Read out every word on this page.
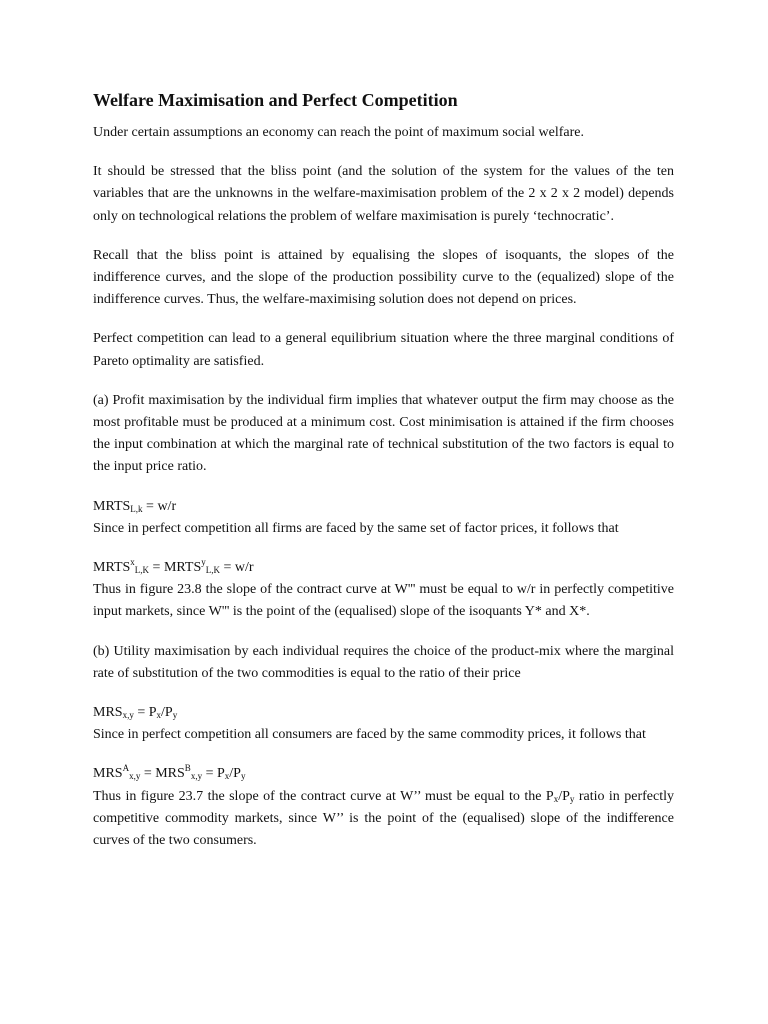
Welfare Maximisation and Perfect Competition

Under certain assumptions an economy can reach the point of maximum social welfare.

It should be stressed that the bliss point (and the solution of the system for the values of the ten variables that are the unknowns in the welfare-maximisation problem of the 2 x 2 x 2 model) depends only on technological relations the problem of welfare maximisation is purely ‘technocratic’.

Recall that the bliss point is attained by equalising the slopes of isoquants, the slopes of the indifference curves, and the slope of the production possibility curve to the (equalized) slope of the indifference curves. Thus, the welfare-maximising solution does not depend on prices.

Perfect competition can lead to a general equilibrium situation where the three marginal conditions of Pareto optimality are satisfied.

(a) Profit maximisation by the individual firm implies that whatever output the firm may choose as the most profitable must be produced at a minimum cost. Cost minimisation is attained if the firm chooses the input combination at which the marginal rate of technical substitution of the two factors is equal to the input price ratio.

$MRTS_{L,k} = w/r$

Since in perfect competition all firms are faced by the same set of factor prices, it follows that

$MRTS^x_{L,K}$ = $MRTS^y_{L,K} = w/r$

Thus in figure 23.8 the slope of the contract curve at W''' must be equal to w/r in perfectly competitive input markets, since W''' is the point of the (equalised) slope of the isoquants Y* and X*.

(b) Utility maximisation by each individual requires the choice of the product-mix where the marginal rate of substitution of the two commodities is equal to the ratio of their price

$MRS_{x,y} = P_x/P_y$

Since in perfect competition all consumers are faced by the same commodity prices, it follows that

$MRS^A_{x,y} = MRS^B_{x,y} = P_x/P_y$

Thus in figure 23.7 the slope of the contract curve at W’’ must be equal to the $P_x/P_y$ ratio in perfectly competitive commodity markets, since W’’ is the point of the (equalised) slope of the indifference curves of the two consumers.
